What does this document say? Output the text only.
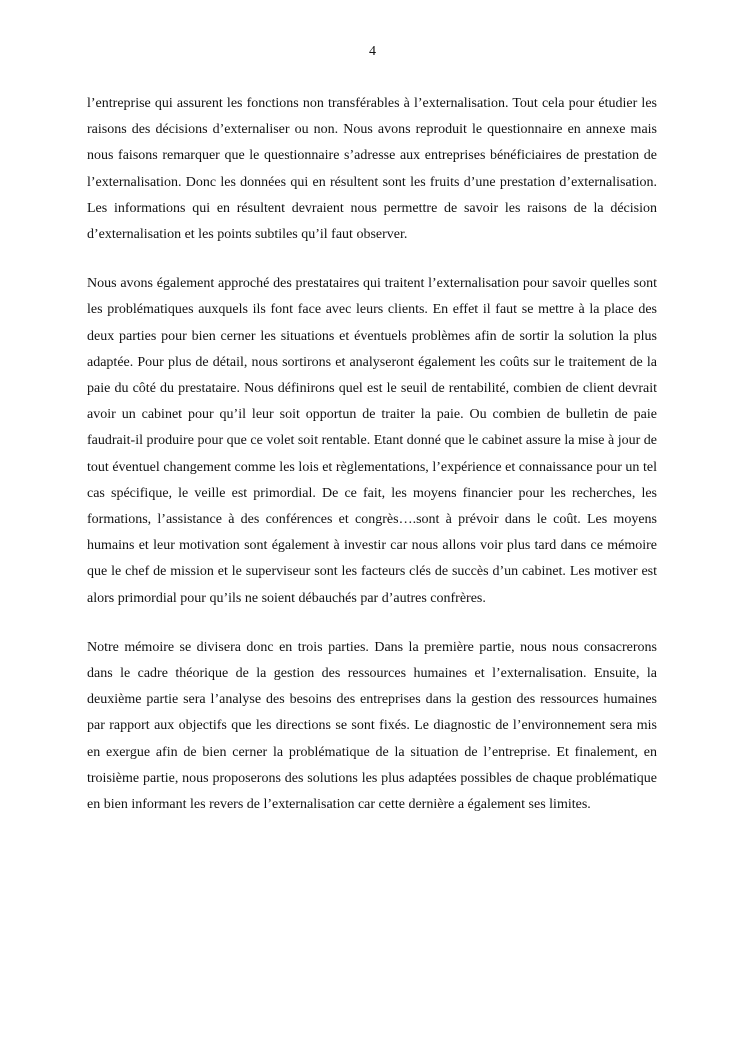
4

l’entreprise qui assurent les fonctions non transférables à l’externalisation. Tout cela pour étudier les raisons des décisions d’externaliser ou non. Nous avons reproduit le questionnaire en annexe mais nous faisons remarquer que le questionnaire s’adresse aux entreprises bénéficiaires de prestation de l’externalisation. Donc les données qui en résultent sont les fruits d’une prestation d’externalisation. Les informations qui en résultent devraient nous permettre de savoir les raisons de la décision d’externalisation et les points subtiles qu’il faut observer.

Nous avons également approché des prestataires qui traitent l’externalisation pour savoir quelles sont les problématiques auxquels ils font face avec leurs clients. En effet il faut se mettre à la place des deux parties pour bien cerner les situations et éventuels problèmes afin de sortir la solution la plus adaptée. Pour plus de détail, nous sortirons et analyseront également les coûts sur le traitement de la paie du côté du prestataire. Nous définirons quel est le seuil de rentabilité, combien de client devrait avoir un cabinet pour qu’il leur soit opportun de traiter la paie. Ou combien de bulletin de paie faudrait-il produire pour que ce volet soit rentable. Etant donné que le cabinet assure la mise à jour de tout éventuel changement comme les lois et règlementations, l’expérience et connaissance pour un tel cas spécifique, le veille est primordial. De ce fait, les moyens financier pour les recherches, les formations, l’assistance à des conférences et congrès….sont à prévoir dans le coût. Les moyens humains et leur motivation sont également à investir car nous allons voir plus tard dans ce mémoire que le chef de mission et le superviseur sont les facteurs clés de succès d’un cabinet. Les motiver est alors primordial pour qu’ils ne soient débauchés par d’autres confrères.

Notre mémoire se divisera donc en trois parties. Dans la première partie, nous nous consacrerons dans le cadre théorique de la gestion des ressources humaines et l’externalisation. Ensuite, la deuxième partie sera l’analyse des besoins des entreprises dans la gestion des ressources humaines par rapport aux objectifs que les directions se sont fixés. Le diagnostic de l’environnement sera mis en exergue afin de bien cerner la problématique de la situation de l’entreprise. Et finalement, en troisième partie, nous proposerons des solutions les plus adaptées possibles de chaque problématique en bien informant les revers de l’externalisation car cette dernière a également ses limites.
